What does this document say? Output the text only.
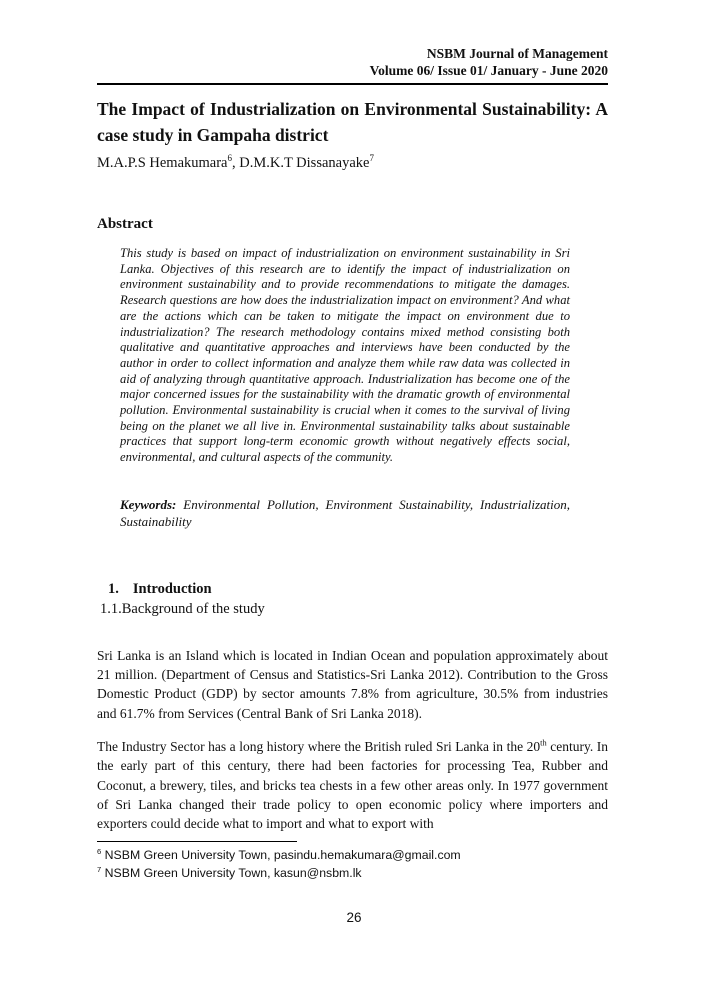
NSBM Journal of Management
Volume 06/ Issue 01/ January - June 2020
The Impact of Industrialization on Environmental Sustainability: A case study in Gampaha district
M.A.P.S Hemakumara$^6$, D.M.K.T Dissanayake$^7$
Abstract
This study is based on impact of industrialization on environment sustainability in Sri Lanka. Objectives of this research are to identify the impact of industrialization on environment sustainability and to provide recommendations to mitigate the damages. Research questions are how does the industrialization impact on environment? And what are the actions which can be taken to mitigate the impact on environment due to industrialization? The research methodology contains mixed method consisting both qualitative and quantitative approaches and interviews have been conducted by the author in order to collect information and analyze them while raw data was collected in aid of analyzing through quantitative approach. Industrialization has become one of the major concerned issues for the sustainability with the dramatic growth of environmental pollution. Environmental sustainability is crucial when it comes to the survival of living being on the planet we all live in. Environmental sustainability talks about sustainable practices that support long-term economic growth without negatively effects social, environmental, and cultural aspects of the community.
Keywords: Environmental Pollution, Environment Sustainability, Industrialization, Sustainability
1. Introduction
1.1.Background of the study

Sri Lanka is an Island which is located in Indian Ocean and population approximately about 21 million. (Department of Census and Statistics-Sri Lanka 2012). Contribution to the Gross Domestic Product (GDP) by sector amounts 7.8% from agriculture, 30.5% from industries and 61.7% from Services (Central Bank of Sri Lanka 2018).

The Industry Sector has a long history where the British ruled Sri Lanka in the 20th century. In the early part of this century, there had been factories for processing Tea, Rubber and Coconut, a brewery, tiles, and bricks tea chests in a few other areas only. In 1977 government of Sri Lanka changed their trade policy to open economic policy where importers and exporters could decide what to import and what to export with

$^6$ NSBM Green University Town, pasindu.hemakumara@gmail.com
$^7$ NSBM Green University Town, kasun@nsbm.lk
26
